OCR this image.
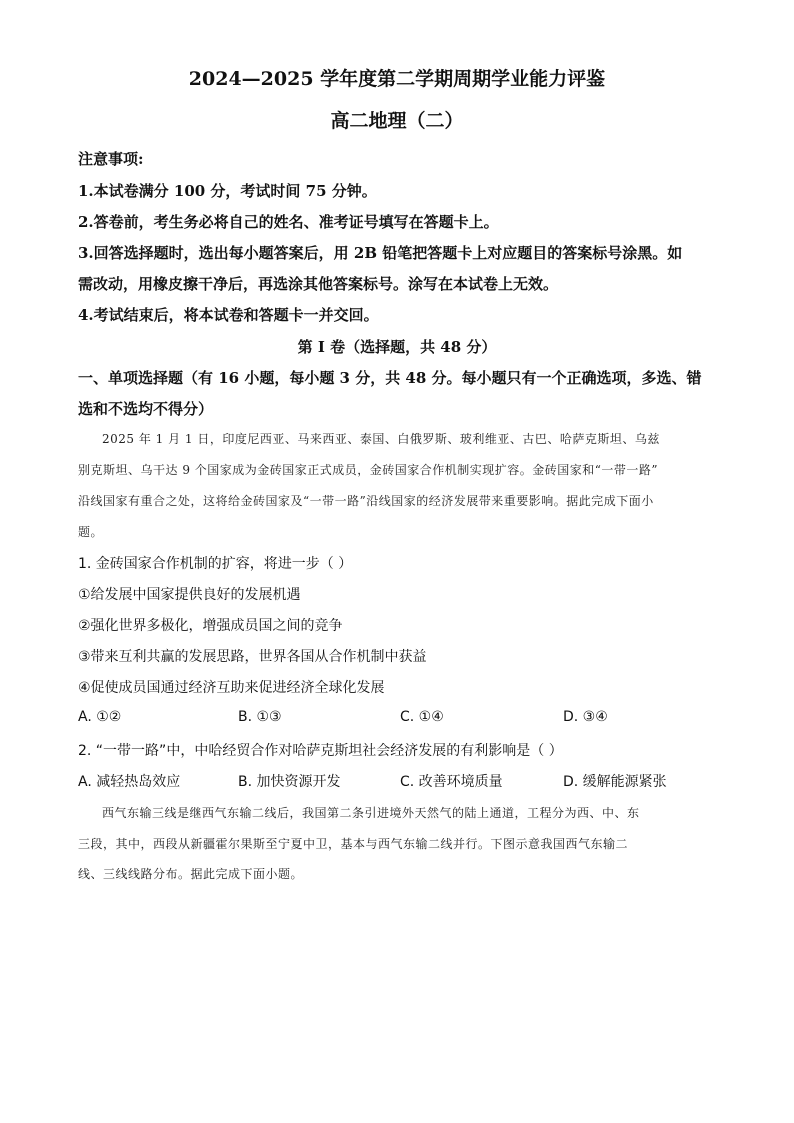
2024—2025 学年度第二学期周期学业能力评鉴
高二地理（二）
注意事项:
1.本试卷满分 100 分，考试时间 75 分钟。
2.答卷前，考生务必将自己的姓名、准考证号填写在答题卡上。
3.回答选择题时，选出每小题答案后，用 2B 铅笔把答题卡上对应题目的答案标号涂黑。如
需改动，用橡皮擦干净后，再选涂其他答案标号。涂写在本试卷上无效。
4.考试结束后，将本试卷和答题卡一并交回。
第 I 卷（选择题，共 48 分）
一、单项选择题（有 16 小题，每小题 3 分，共 48 分。每小题只有一个正确选项，多选、错
选和不选均不得分）
2025 年 1 月 1 日，印度尼西亚、马来西亚、泰国、白俄罗斯、玻利维亚、古巴、哈萨克斯坦、乌兹
别克斯坦、乌干达 9 个国家成为金砖国家正式成员，金砖国家合作机制实现扩容。金砖国家和“一带一路”
沿线国家有重合之处，这将给金砖国家及“一带一路”沿线国家的经济发展带来重要影响。据此完成下面小
题。
1. 金砖国家合作机制的扩容，将进一步（ ）
①给发展中国家提供良好的发展机遇
②强化世界多极化，增强成员国之间的竞争
③带来互利共赢的发展思路，世界各国从合作机制中获益
④促使成员国通过经济互助来促进经济全球化发展
A. ①②	B. ①③	C. ①④	D. ③④
2. “一带一路”中，中哈经贸合作对哈萨克斯坦社会经济发展的有利影响是（ ）
A. 减轻热岛效应	B. 加快资源开发	C. 改善环境质量	D. 缓解能源紧张
西气东输三线是继西气东输二线后，我国第二条引进境外天然气的陆上通道，工程分为西、中、东
三段，其中，西段从新疆霍尔果斯至宁夏中卫，基本与西气东输二线并行。下图示意我国西气东输二
线、三线线路分布。据此完成下面小题。
